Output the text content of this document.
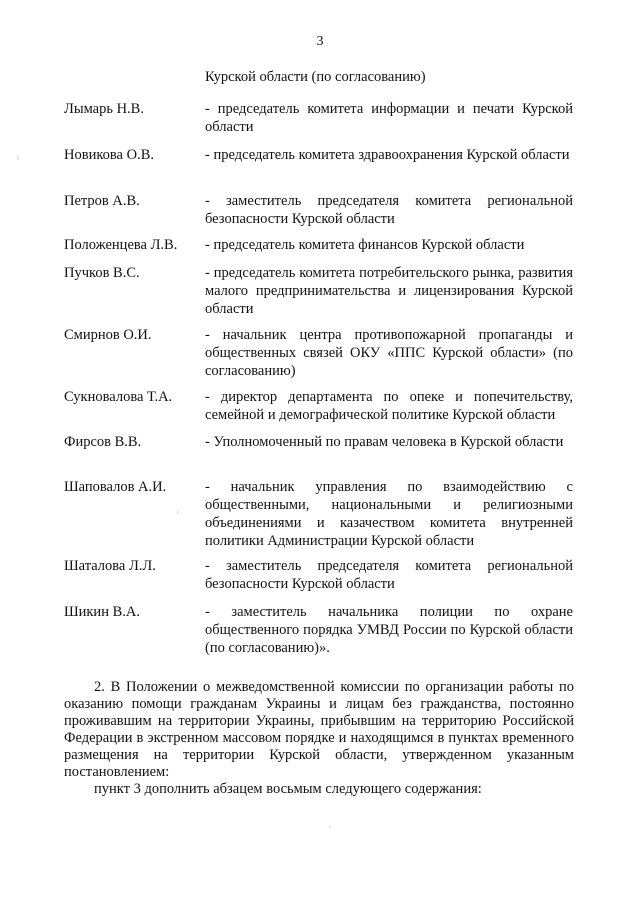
3
Курской области (по согласованию)
Лымарь Н.В.	- председатель комитета информации и печати Курской области
Новикова О.В.	- председатель комитета здравоохранения Курской области
Петров А.В.	- заместитель председателя комитета региональной безопасности Курской области
Положенцева Л.В.	- председатель комитета финансов Курской области
Пучков В.С.	- председатель комитета потребительского рынка, развития малого предпринимательства и лицензирования Курской области
Смирнов О.И.	- начальник центра противопожарной пропаганды и общественных связей ОКУ «ППС Курской области» (по согласованию)
Сукновалова Т.А.	- директор департамента по опеке и попечительству, семейной и демографической политике Курской области
Фирсов В.В.	- Уполномоченный по правам человека в Курской области
Шаповалов А.И.	- начальник управления по взаимодействию с общественными, национальными и религиозными объединениями и казачеством комитета внутренней политики Администрации Курской области
Шаталова Л.Л.	- заместитель председателя комитета региональной безопасности Курской области
Шикин В.А.	- заместитель начальника полиции по охране общественного порядка УМВД России по Курской области (по согласованию)».
2. В Положении о межведомственной комиссии по организации работы по оказанию помощи гражданам Украины и лицам без гражданства, постоянно проживавшим на территории Украины, прибывшим на территорию Российской Федерации в экстренном массовом порядке и находящимся в пунктах временного размещения на территории Курской области, утвержденном указанным постановлением:
пункт 3 дополнить абзацем восьмым следующего содержания:
